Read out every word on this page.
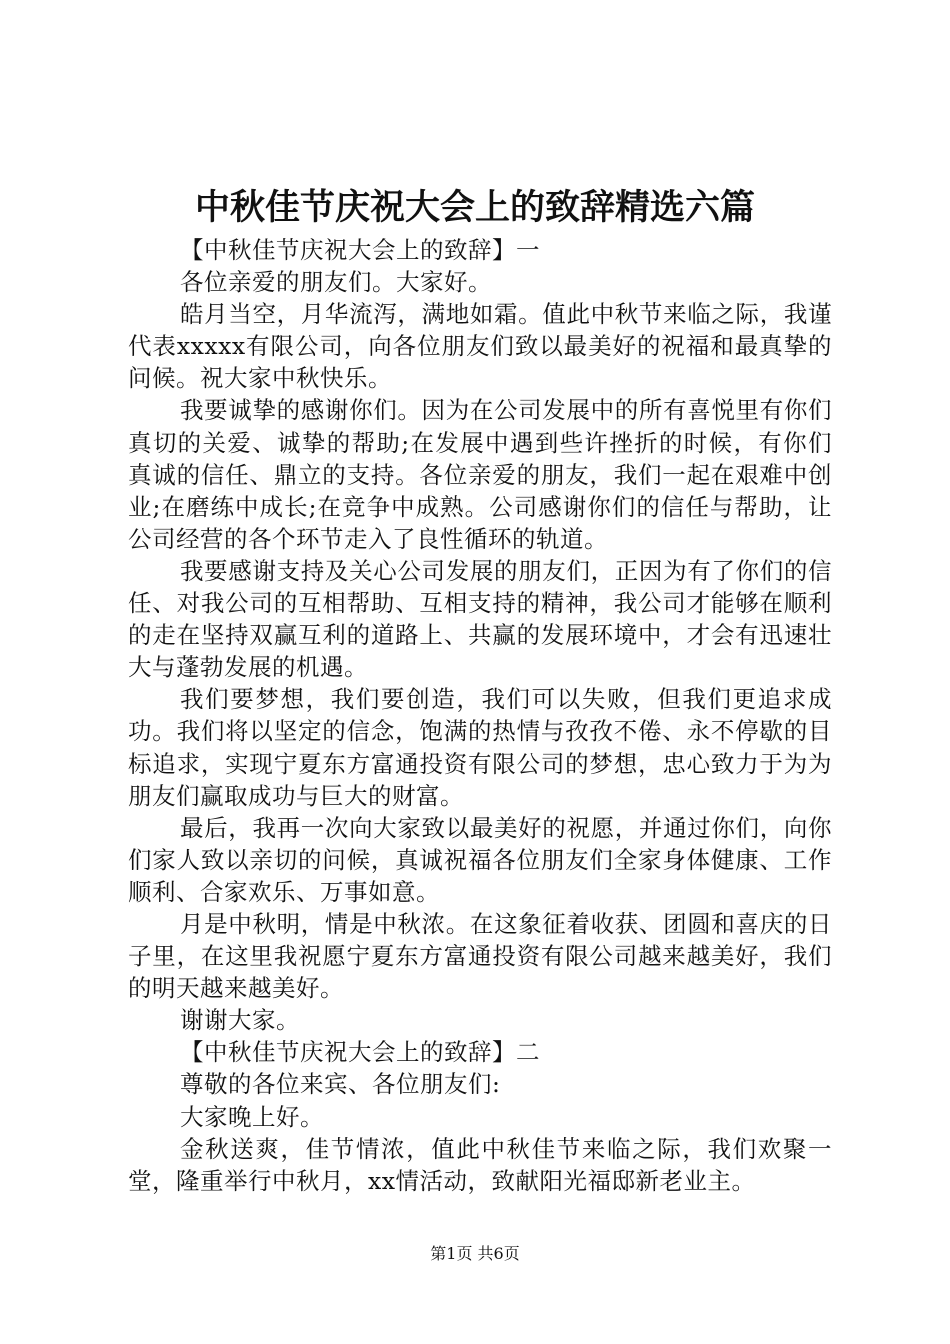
中秋佳节庆祝大会上的致辞精选六篇

【中秋佳节庆祝大会上的致辞】一

各位亲爱的朋友们。大家好。

皓月当空，月华流泻，满地如霜。值此中秋节来临之际，我谨代表xxxxx有限公司，向各位朋友们致以最美好的祝福和最真挚的问候。祝大家中秋快乐。

我要诚挚的感谢你们。因为在公司发展中的所有喜悦里有你们真切的关爱、诚挚的帮助;在发展中遇到些许挫折的时候，有你们真诚的信任、鼎立的支持。各位亲爱的朋友，我们一起在艰难中创业;在磨练中成长;在竞争中成熟。公司感谢你们的信任与帮助，让公司经营的各个环节走入了良性循环的轨道。

我要感谢支持及关心公司发展的朋友们，正因为有了你们的信任、对我公司的互相帮助、互相支持的精神，我公司才能够在顺利的走在坚持双赢互利的道路上、共赢的发展环境中，才会有迅速壮大与蓬勃发展的机遇。

我们要梦想，我们要创造，我们可以失败，但我们更追求成功。我们将以坚定的信念，饱满的热情与孜孜不倦、永不停歇的目标追求，实现宁夏东方富通投资有限公司的梦想，忠心致力于为为朋友们赢取成功与巨大的财富。

最后，我再一次向大家致以最美好的祝愿，并通过你们，向你们家人致以亲切的问候，真诚祝福各位朋友们全家身体健康、工作顺利、合家欢乐、万事如意。

月是中秋明，情是中秋浓。在这象征着收获、团圆和喜庆的日子里，在这里我祝愿宁夏东方富通投资有限公司越来越美好，我们的明天越来越美好。

谢谢大家。

【中秋佳节庆祝大会上的致辞】二

尊敬的各位来宾、各位朋友们:

大家晚上好。

金秋送爽，佳节情浓，值此中秋佳节来临之际，我们欢聚一堂，隆重举行中秋月，xx情活动，致献阳光福邸新老业主。

第1页 共6页
